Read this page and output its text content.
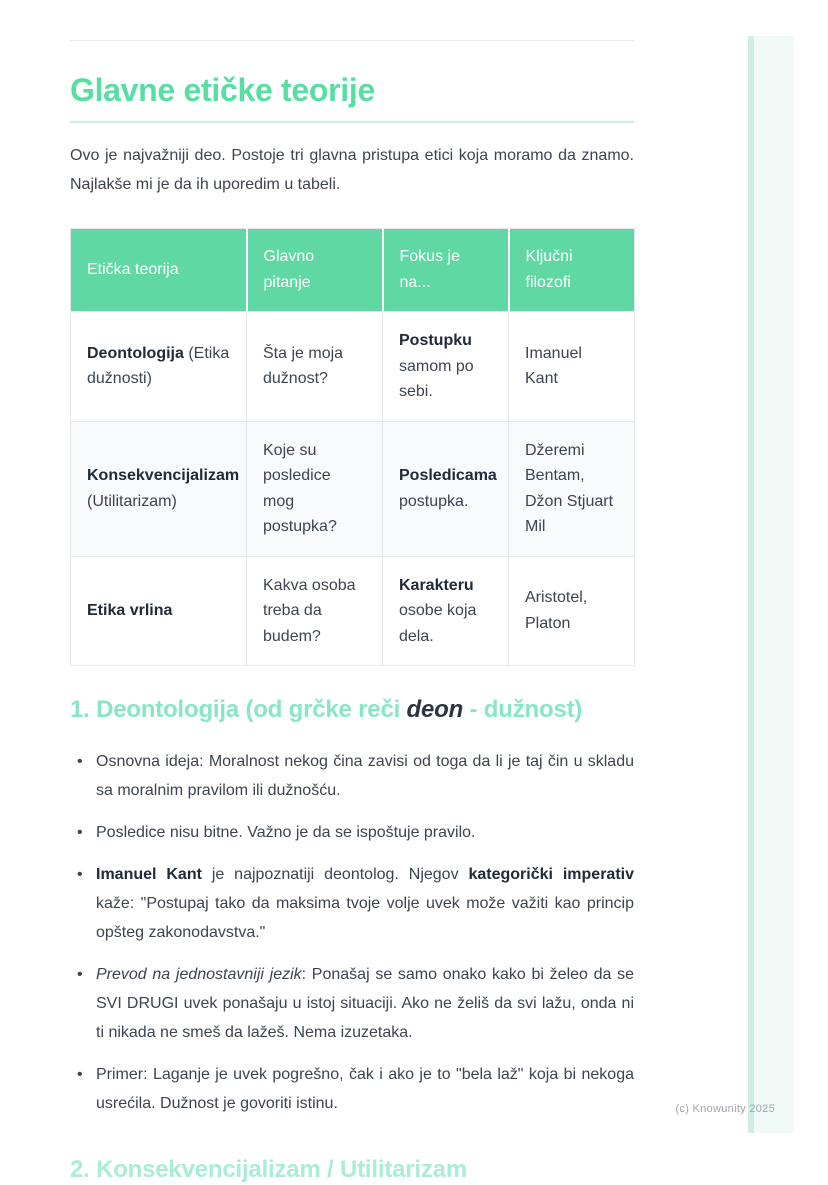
Glavne etičke teorije

Ovo je najvažniji deo. Postoje tri glavna pristupa etici koja moramo da znamo. Najlakše mi je da ih uporedim u tabeli.

Etička teorija	Glavno pitanje	Fokus je na...	Ključni filozofi
Deontologija (Etika dužnosti)	Šta je moja dužnost?	Postupku samom po sebi.	Imanuel Kant
Konsekvencijalizam (Utilitarizam)	Koje su posledice mog postupka?	Posledicama postupka.	Džeremi Bentam, Džon Stjuart Mil
Etika vrlina	Kakva osoba treba da budem?	Karakteru osobe koja dela.	Aristotel, Platon
1. Deontologija (od grčke reči deon - dužnost)
• Osnovna ideja: Moralnost nekog čina zavisi od toga da li je taj čin u skladu sa moralnim pravilom ili dužnošću.
• Posledice nisu bitne. Važno je da se ispoštuje pravilo.
• Imanuel Kant je najpoznatiji deontolog. Njegov kategorički imperativ kaže: "Postupaj tako da maksima tvoje volje uvek može važiti kao princip opšteg zakonodavstva."
• Prevod na jednostavniji jezik: Ponašaj se samo onako kako bi želeo da se SVI DRUGI uvek ponašaju u istoj situaciji. Ako ne želiš da svi lažu, onda ni ti nikada ne smeš da lažeš. Nema izuzetaka.
• Primer: Laganje je uvek pogrešno, čak i ako je to "bela laž" koja bi nekoga usrećila. Dužnost je govoriti istinu.
2. Konsekvencijalizam / Utilitarizam
(c) Knowunity 2025
